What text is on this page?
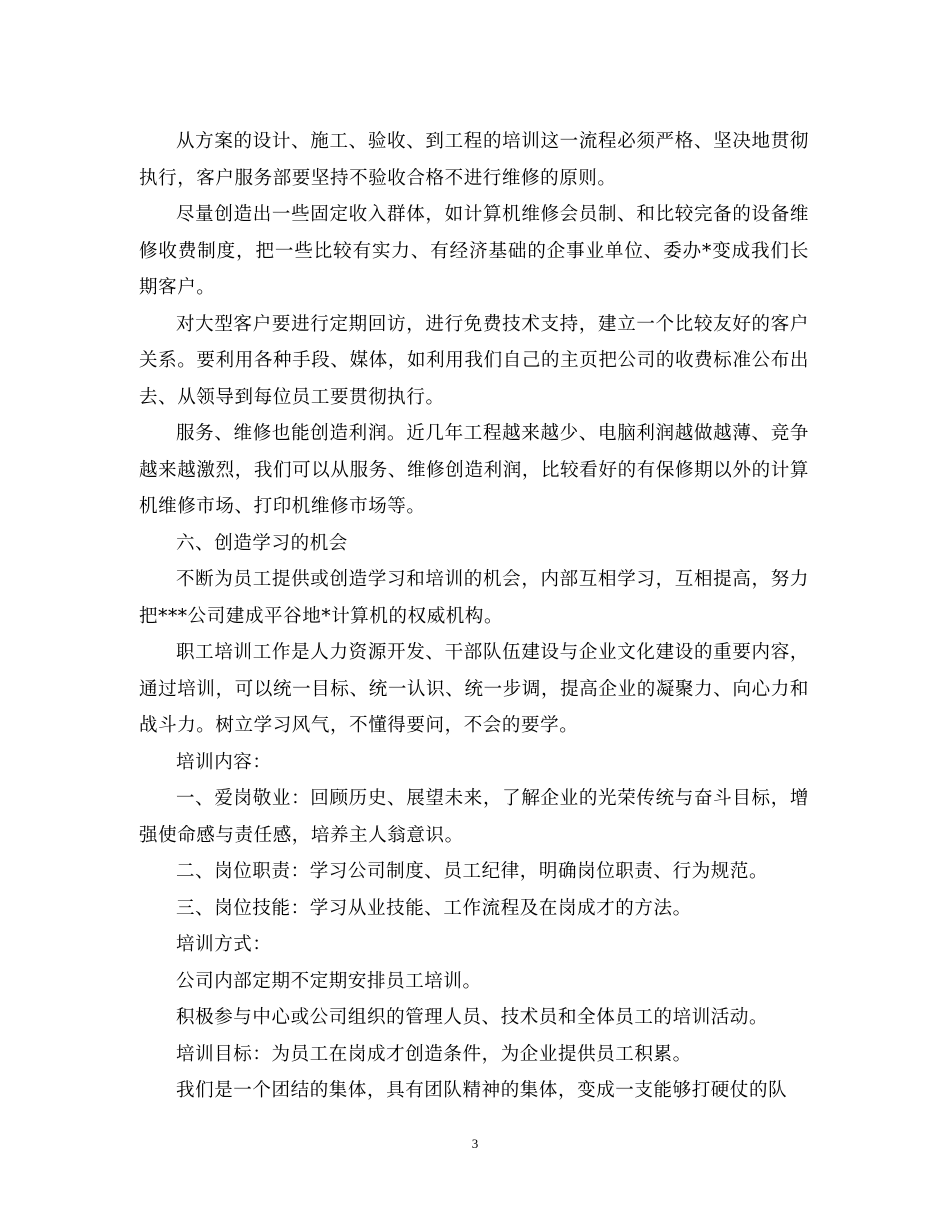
从方案的设计、施工、验收、到工程的培训这一流程必须严格、坚决地贯彻执行，客户服务部要坚持不验收合格不进行维修的原则。

尽量创造出一些固定收入群体，如计算机维修会员制、和比较完备的设备维修收费制度，把一些比较有实力、有经济基础的企事业单位、委办*变成我们长期客户。

对大型客户要进行定期回访，进行免费技术支持，建立一个比较友好的客户关系。要利用各种手段、媒体，如利用我们自己的主页把公司的收费标准公布出去、从领导到每位员工要贯彻执行。

服务、维修也能创造利润。近几年工程越来越少、电脑利润越做越薄、竞争越来越激烈，我们可以从服务、维修创造利润，比较看好的有保修期以外的计算机维修市场、打印机维修市场等。

六、创造学习的机会

不断为员工提供或创造学习和培训的机会，内部互相学习，互相提高，努力把***公司建成平谷地*计算机的权威机构。

职工培训工作是人力资源开发、干部队伍建设与企业文化建设的重要内容，通过培训，可以统一目标、统一认识、统一步调，提高企业的凝聚力、向心力和战斗力。树立学习风气，不懂得要问，不会的要学。

培训内容：

一、爱岗敬业：回顾历史、展望未来，了解企业的光荣传统与奋斗目标，增强使命感与责任感，培养主人翁意识。

二、岗位职责：学习公司制度、员工纪律，明确岗位职责、行为规范。

三、岗位技能：学习从业技能、工作流程及在岗成才的方法。

培训方式：

公司内部定期不定期安排员工培训。

积极参与中心或公司组织的管理人员、技术员和全体员工的培训活动。

培训目标：为员工在岗成才创造条件，为企业提供员工积累。

我们是一个团结的集体，具有团队精神的集体，变成一支能够打硬仗的队

3
